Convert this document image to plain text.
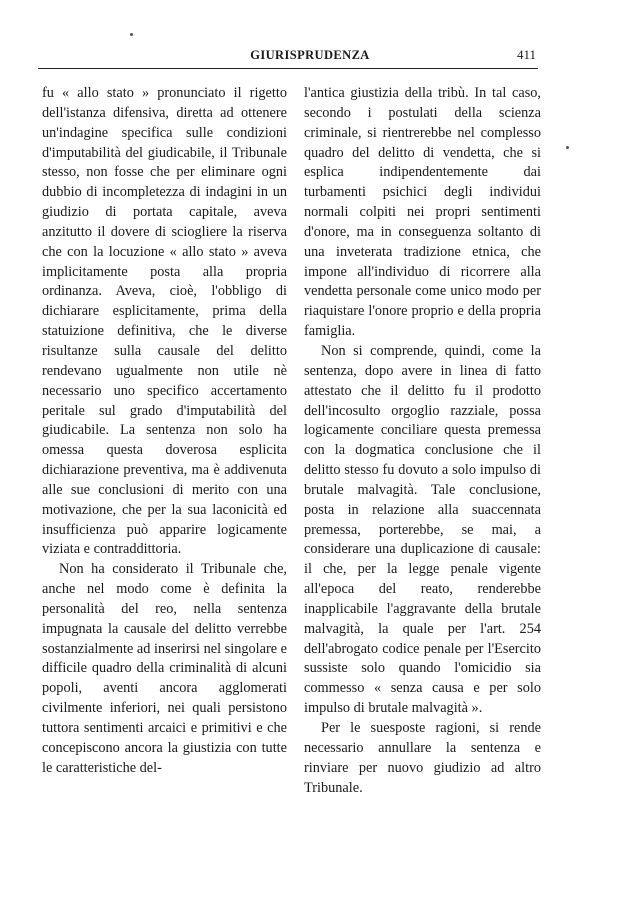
GIURISPRUDENZA	411

fu « allo stato » pronunciato il rigetto dell'istanza difensiva, diretta ad ottenere un'indagine specifica sulle condizioni d'imputabilità del giudicabile, il Tribunale stesso, non fosse che per eliminare ogni dubbio di incompletezza di indagini in un giudizio di portata capitale, aveva anzitutto il dovere di sciogliere la riserva che con la locuzione « allo stato » aveva implicitamente posta alla propria ordinanza. Aveva, cioè, l'obbligo di dichiarare esplicitamente, prima della statuizione definitiva, che le diverse risultanze sulla causale del delitto rendevano ugualmente non utile nè necessario uno specifico accertamento peritale sul grado d'imputabilità del giudicabile. La sentenza non solo ha omessa questa doverosa esplicita dichiarazione preventiva, ma è addivenuta alle sue conclusioni di merito con una motivazione, che per la sua laconicità ed insufficienza può apparire logicamente viziata e contraddittoria.

Non ha considerato il Tribunale che, anche nel modo come è definita la personalità del reo, nella sentenza impugnata la causale del delitto verrebbe sostanzialmente ad inserirsi nel singolare e difficile quadro della criminalità di alcuni popoli, aventi ancora agglomerati civilmente inferiori, nei quali persistono tuttora sentimenti arcaici e primitivi e che concepiscono ancora la giustizia con tutte le caratteristiche del-

l'antica giustizia della tribù. In tal caso, secondo i postulati della scienza criminale, si rientrerebbe nel complesso quadro del delitto di vendetta, che si esplica indipendentemente dai turbamenti psichici degli individui normali colpiti nei propri sentimenti d'onore, ma in conseguenza soltanto di una inveterata tradizione etnica, che impone all'individuo di ricorrere alla vendetta personale come unico modo per riaquistare l'onore proprio e della propria famiglia.

Non si comprende, quindi, come la sentenza, dopo avere in linea di fatto attestato che il delitto fu il prodotto dell'incosulto orgoglio razziale, possa logicamente conciliare questa premessa con la dogmatica conclusione che il delitto stesso fu dovuto a solo impulso di brutale malvagità. Tale conclusione, posta in relazione alla suaccennata premessa, porterebbe, se mai, a considerare una duplicazione di causale: il che, per la legge penale vigente all'epoca del reato, renderebbe inapplicabile l'aggravante della brutale malvagità, la quale per l'art. 254 dell'abrogato codice penale per l'Esercito sussiste solo quando l'omicidio sia commesso « senza causa e per solo impulso di brutale malvagità ».

Per le suesposte ragioni, si rende necessario annullare la sentenza e rinviare per nuovo giudizio ad altro Tribunale.
